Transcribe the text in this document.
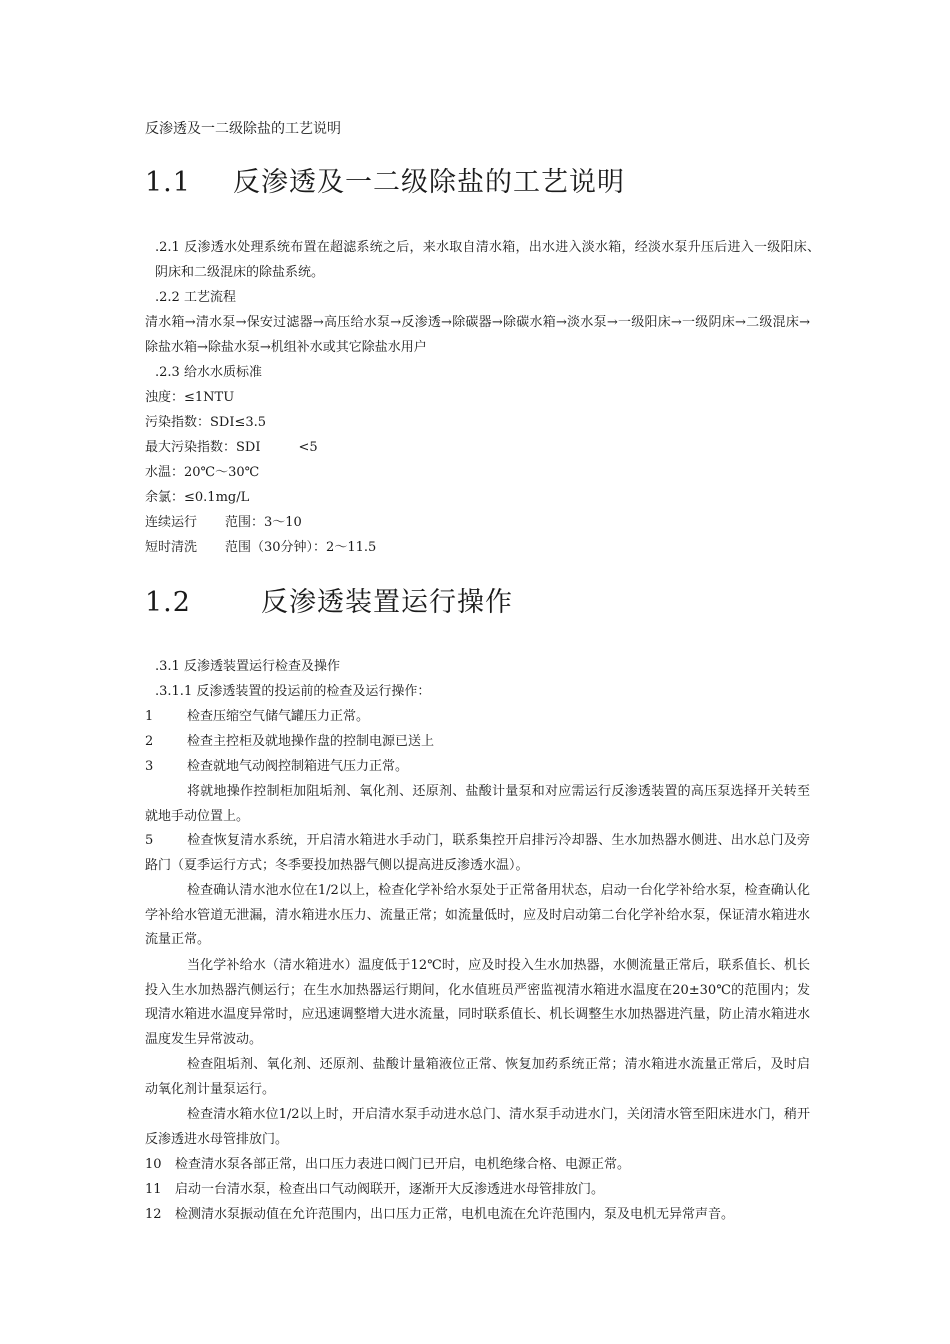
反渗透及一二级除盐的工艺说明
1.1 反渗透及一二级除盐的工艺说明
.2.1 反渗透水处理系统布置在超滤系统之后，来水取自清水箱，出水进入淡水箱，经淡水泵升压后进入一级阳床、阴床和二级混床的除盐系统。
.2.2 工艺流程
清水箱→清水泵→保安过滤器→高压给水泵→反渗透→除碳器→除碳水箱→淡水泵→一级阳床→一级阴床→二级混床→除盐水箱→除盐水泵→机组补水或其它除盐水用户
.2.3 给水水质标准
浊度：≤1NTU
污染指数：SDI≤3.5
最大污染指数：SDI	<5
水温：20℃～30℃
余氯：≤0.1mg/L
连续运行 范围：3～10
短时清洗 范围（30分钟）：2～11.5
1.2	反渗透装置运行操作
.3.1 反渗透装置运行检查及操作
.3.1.1 反渗透装置的投运前的检查及运行操作：
1	检查压缩空气储气罐压力正常。
2	检查主控柜及就地操作盘的控制电源已送上
3	检查就地气动阀控制箱进气压力正常。
将就地操作控制柜加阻垢剂、氧化剂、还原剂、盐酸计量泵和对应需运行反渗透装置的高压泵选择开关转至就地手动位置上。
5	检查恢复清水系统，开启清水箱进水手动门，联系集控开启排污冷却器、生水加热器水侧进、出水总门及旁路门（夏季运行方式；冬季要投加热器气侧以提高进反渗透水温）。
检查确认清水池水位在1/2以上，检查化学补给水泵处于正常备用状态，启动一台化学补给水泵，检查确认化学补给水管道无泄漏，清水箱进水压力、流量正常；如流量低时，应及时启动第二台化学补给水泵，保证清水箱进水流量正常。
当化学补给水（清水箱进水）温度低于12℃时，应及时投入生水加热器，水侧流量正常后，联系值长、机长投入生水加热器汽侧运行；在生水加热器运行期间，化水值班员严密监视清水箱进水温度在20±30℃的范围内；发现清水箱进水温度异常时，应迅速调整增大进水流量，同时联系值长、机长调整生水加热器进汽量，防止清水箱进水温度发生异常波动。
检查阻垢剂、氧化剂、还原剂、盐酸计量箱液位正常、恢复加药系统正常；清水箱进水流量正常后，及时启动氧化剂计量泵运行。
检查清水箱水位1/2以上时，开启清水泵手动进水总门、清水泵手动进水门，关闭清水管至阳床进水门，稍开反渗透进水母管排放门。
10 检查清水泵各部正常，出口压力表进口阀门已开启，电机绝缘合格、电源正常。
11 启动一台清水泵，检查出口气动阀联开，逐渐开大反渗透进水母管排放门。
12 检测清水泵振动值在允许范围内，出口压力正常，电机电流在允许范围内，泵及电机无异常声音。
